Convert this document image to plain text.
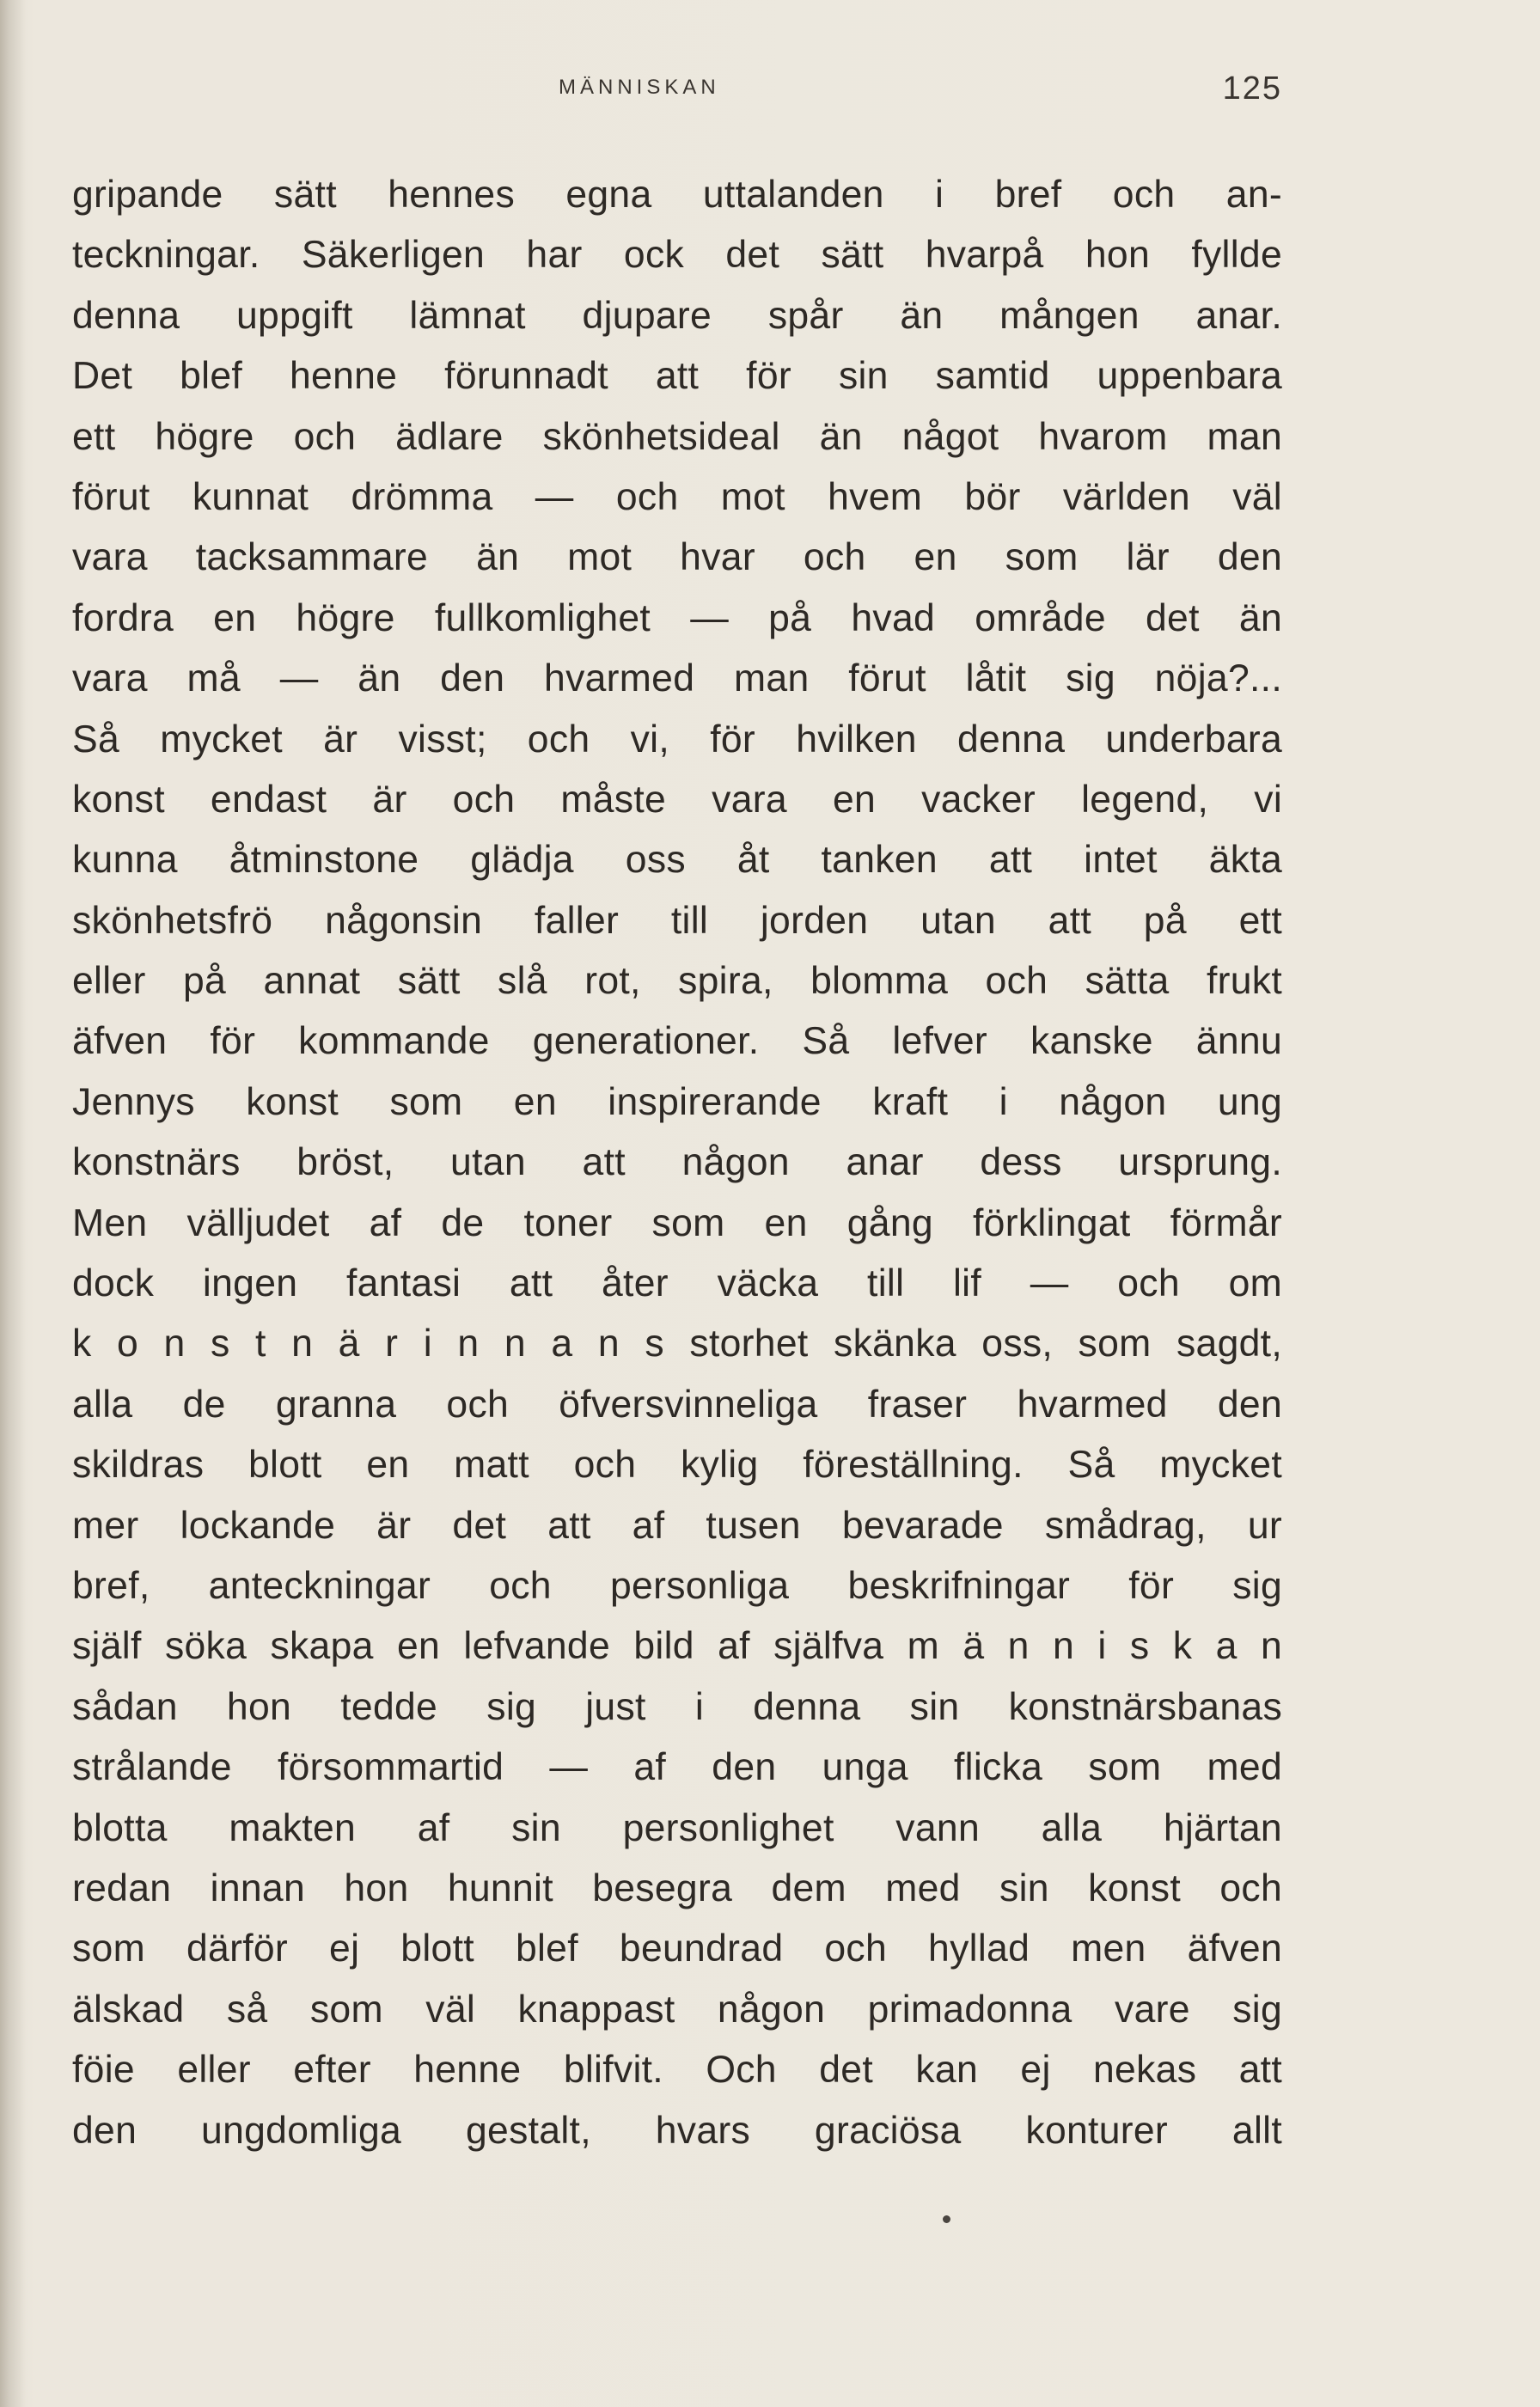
MÄNNISKAN	125
gripande sätt hennes egna uttalanden i bref och an-
teckningar. Säkerligen har ock det sätt hvarpå hon fyllde
denna uppgift lämnat djupare spår än mången anar.
Det blef henne förunnadt att för sin samtid uppenbara
ett högre och ädlare skönhetsideal än något hvarom man
förut kunnat drömma — och mot hvem bör världen väl
vara tacksammare än mot hvar och en som lär den
fordra en högre fullkomlighet — på hvad område det än
vara må — än den hvarmed man förut låtit sig nöja?...
Så mycket är visst; och vi, för hvilken denna underbara
konst endast är och måste vara en vacker legend, vi
kunna åtminstone glädja oss åt tanken att intet äkta
skönhetsfrö någonsin faller till jorden utan att på ett
eller på annat sätt slå rot, spira, blomma och sätta frukt
äfven för kommande generationer. Så lefver kanske ännu
Jennys konst som en inspirerande kraft i någon ung
konstnärs bröst, utan att någon anar dess ursprung.
Men välljudet af de toner som en gång förklingat förmår
dock ingen fantasi att åter väcka till lif — och om
k o n s t n ä r i n n a n s storhet skänka oss, som sagdt,
alla de granna och öfversvinneliga fraser hvarmed den
skildras blott en matt och kylig föreställning. Så mycket
mer lockande är det att af tusen bevarade smådrag, ur
bref, anteckningar och personliga beskrifningar för sig
själf söka skapa en lefvande bild af själfva m ä n n i s k a n
sådan hon tedde sig just i denna sin konstnärsbanas
strålande försommartid — af den unga flicka som med
blotta makten af sin personlighet vann alla hjärtan
redan innan hon hunnit besegra dem med sin konst och
som därför ej blott blef beundrad och hyllad men äfven
älskad så som väl knappast någon primadonna vare sig
föie eller efter henne blifvit. Och det kan ej nekas att
den ungdomliga gestalt, hvars graciösa konturer allt
